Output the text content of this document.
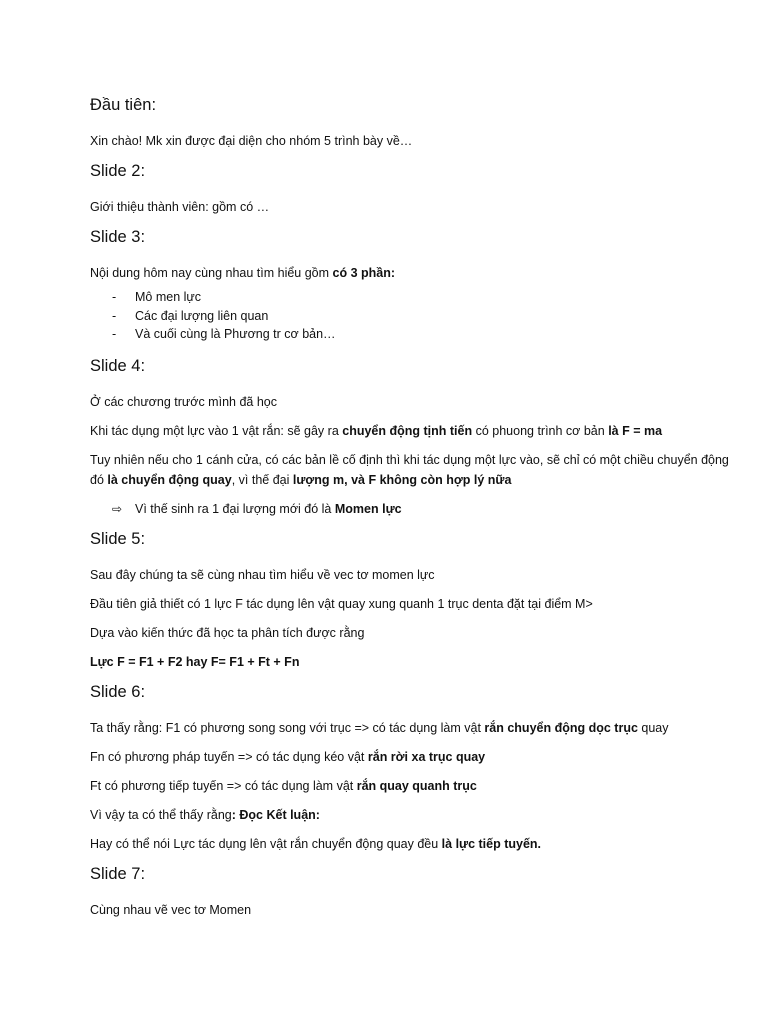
Đầu tiên:
Xin chào! Mk xin được đại diện cho nhóm 5 trình bày về…
Slide 2:
Giới thiệu thành viên: gồm có …
Slide 3:
Nội dung hôm nay cùng nhau tìm hiểu gồm có 3 phần:
- Mô men lực
- Các đại lượng liên quan
- Và cuối cùng là Phương tr cơ bản…
Slide 4:
Ở các chương trước mình đã học
Khi tác dụng một lực vào 1 vật rắn: sẽ gây ra chuyển động tịnh tiến có phuong trình cơ bản là F = ma
Tuy nhiên nếu cho 1 cánh cửa, có các bản lề cố định thì khi tác dụng một lực vào, sẽ chỉ có một chiều chuyển động đó là chuyển động quay, vì thế đại lượng m, và F không còn hợp lý nữa
⇨ Vì thế sinh ra 1 đại lượng mới đó là Momen lực
Slide 5:
Sau đây chúng ta sẽ cùng nhau tìm hiểu về vec tơ momen lực
Đầu tiên giả thiết có 1 lực F tác dụng lên vật quay xung quanh 1 trục denta đặt tại điểm M>
Dựa vào kiến thức đã học ta phân tích được rằng
Lực F = F1 + F2 hay F= F1 + Ft + Fn
Slide 6:
Ta thấy rằng: F1 có phương song song với trục => có tác dụng làm vật rắn chuyển động dọc trục quay
Fn có phương pháp tuyến => có tác dụng kéo vật rắn rời xa trục quay
Ft có phương tiếp tuyến => có tác dụng làm vật rắn quay quanh trục
Vì vậy ta có thể thấy rằng: Đọc Kết luận:
Hay có thể nói Lực tác dụng lên vật rắn chuyển động quay đều là lực tiếp tuyến.
Slide 7:
Cùng nhau vẽ vec tơ Momen
